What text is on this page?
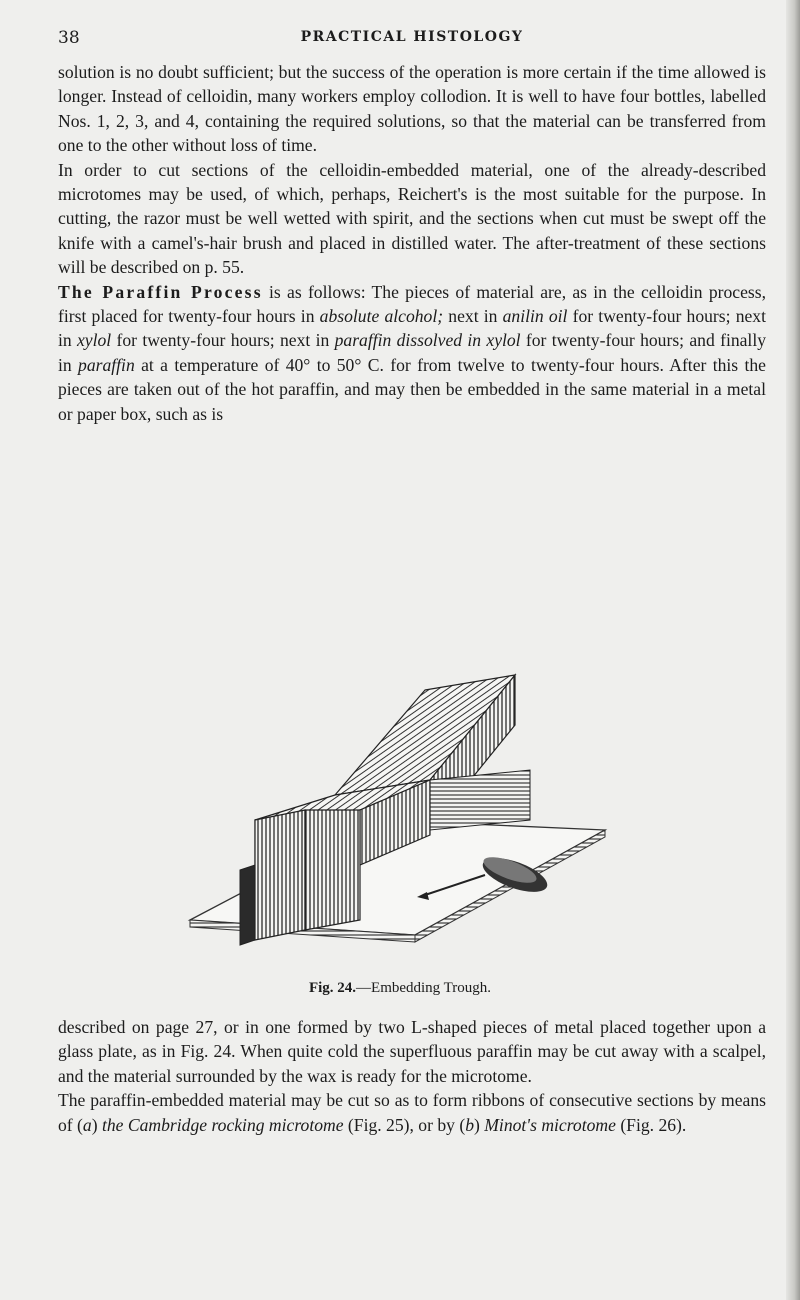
38	PRACTICAL HISTOLOGY

solution is no doubt sufficient; but the success of the operation is more certain if the time allowed is longer. Instead of celloidin, many workers employ collodion. It is well to have four bottles, labelled Nos. 1, 2, 3, and 4, containing the required solutions, so that the material can be transferred from one to the other without loss of time.

In order to cut sections of the celloidin-embedded material, one of the already-described microtomes may be used, of which, perhaps, Reichert's is the most suitable for the purpose. In cutting, the razor must be well wetted with spirit, and the sections when cut must be swept off the knife with a camel's-hair brush and placed in distilled water. The after-treatment of these sections will be described on p. 55.

The Paraffin Process is as follows: The pieces of material are, as in the celloidin process, first placed for twenty-four hours in absolute alcohol; next in anilin oil for twenty-four hours; next in xylol for twenty-four hours; next in paraffin dissolved in xylol for twenty-four hours; and finally in paraffin at a temperature of 40° to 50° C. for from twelve to twenty-four hours. After this the pieces are taken out of the hot paraffin, and may then be embedded in the same material in a metal or paper box, such as is

Fig. 24.—Embedding Trough.

described on page 27, or in one formed by two L-shaped pieces of metal placed together upon a glass plate, as in Fig. 24. When quite cold the superfluous paraffin may be cut away with a scalpel, and the material surrounded by the wax is ready for the microtome.

The paraffin-embedded material may be cut so as to form ribbons of consecutive sections by means of (a) the Cambridge rocking microtome (Fig. 25), or by (b) Minot's microtome (Fig. 26).
